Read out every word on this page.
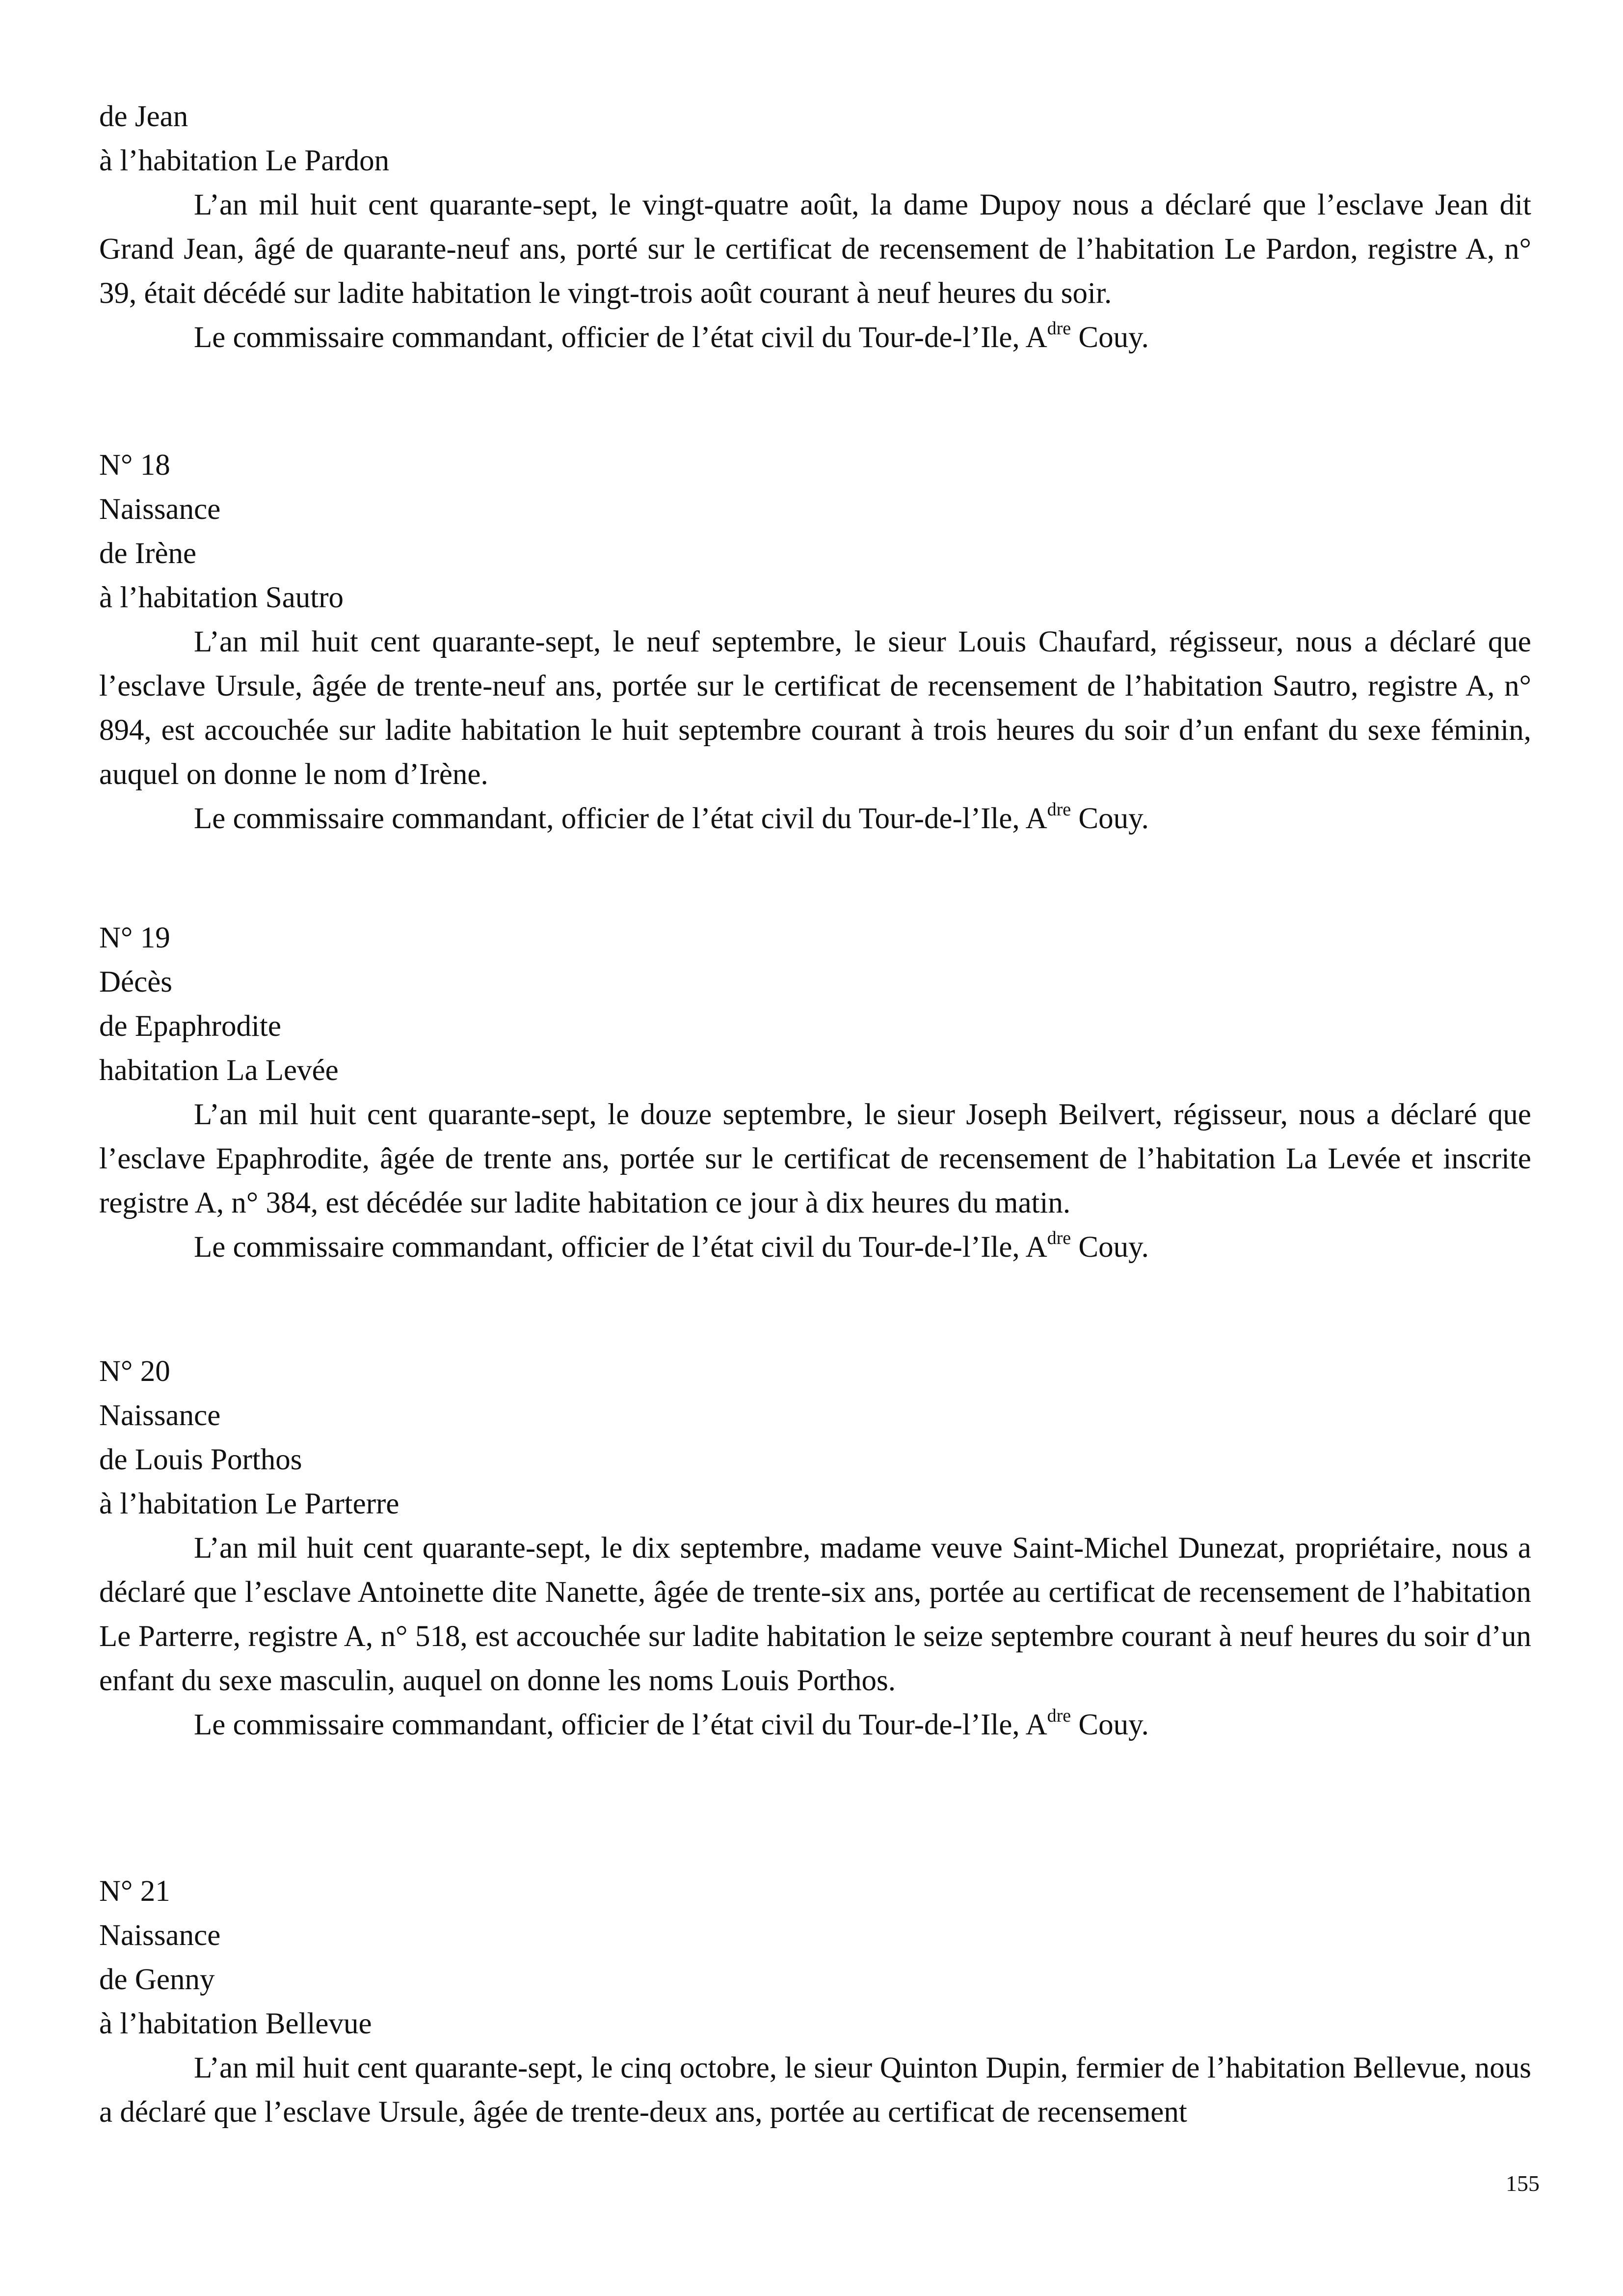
de Jean
à l’habitation Le Pardon
L’an mil huit cent quarante-sept, le vingt-quatre août, la dame Dupoy nous a déclaré que l’esclave Jean dit Grand Jean, âgé de quarante-neuf ans, porté sur le certificat de recensement de l’habitation Le Pardon, registre A, n° 39, était décédé sur ladite habitation le vingt-trois août courant à neuf heures du soir.
Le commissaire commandant, officier de l’état civil du Tour-de-l’Ile, $A^{dre}$ Couy.
N° 18
Naissance
de Irène
à l’habitation Sautro
L’an mil huit cent quarante-sept, le neuf septembre, le sieur Louis Chaufard, régisseur, nous a déclaré que l’esclave Ursule, âgée de trente-neuf ans, portée sur le certificat de recensement de l’habitation Sautro, registre A, n° 894, est accouchée sur ladite habitation le huit septembre courant à trois heures du soir d’un enfant du sexe féminin, auquel on donne le nom d’Irène.
Le commissaire commandant, officier de l’état civil du Tour-de-l’Ile, $A^{dre}$ Couy.
N° 19
Décès
de Epaphrodite
habitation La Levée
L’an mil huit cent quarante-sept, le douze septembre, le sieur Joseph Beilvert, régisseur, nous a déclaré que l’esclave Epaphrodite, âgée de trente ans, portée sur le certificat de recensement de l’habitation La Levée et inscrite registre A, n° 384, est décédée sur ladite habitation ce jour à dix heures du matin.
Le commissaire commandant, officier de l’état civil du Tour-de-l’Ile, $A^{dre}$ Couy.
N° 20
Naissance
de Louis Porthos
à l’habitation Le Parterre
L’an mil huit cent quarante-sept, le dix septembre, madame veuve Saint-Michel Dunezat, propriétaire, nous a déclaré que l’esclave Antoinette dite Nanette, âgée de trente-six ans, portée au certificat de recensement de l’habitation Le Parterre, registre A, n° 518, est accouchée sur ladite habitation le seize septembre courant à neuf heures du soir d’un enfant du sexe masculin, auquel on donne les noms Louis Porthos.
Le commissaire commandant, officier de l’état civil du Tour-de-l’Ile, $A^{dre}$ Couy.
N° 21
Naissance
de Genny
à l’habitation Bellevue
L’an mil huit cent quarante-sept, le cinq octobre, le sieur Quinton Dupin, fermier de l’habitation Bellevue, nous a déclaré que l’esclave Ursule, âgée de trente-deux ans, portée au certificat de recensement
155
